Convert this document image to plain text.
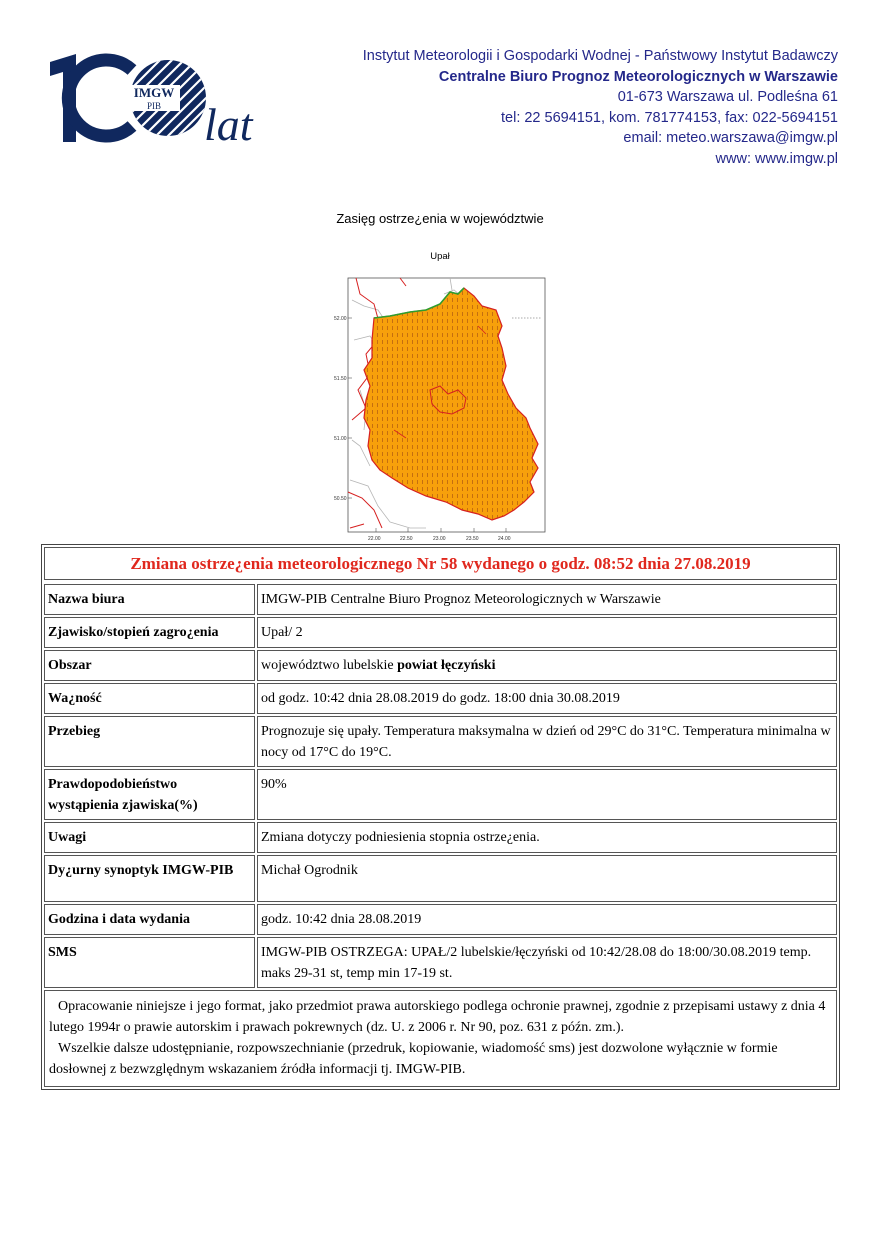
IMGW
PIB lat
Instytut Meteorologii i Gospodarki Wodnej - Państwowy Instytut Badawczy
Centralne Biuro Prognoz Meteorologicznych w Warszawie
01-673 Warszawa ul. Podleśna 61
tel: 22 5694151, kom. 781774153, fax: 022-5694151
email: meteo.warszawa@imgw.pl
www: www.imgw.pl
Zasięg ostrze¿enia w województwie
Upał
52.00
51.50
51.00
50.50
22.00	22.50	23.00	23.50	24.00
Zmiana ostrze¿enia meteorologicznego Nr 58 wydanego o godz. 08:52 dnia 27.08.2019
Nazwa biura	IMGW-PIB Centralne Biuro Prognoz Meteorologicznych w Warszawie
Zjawisko/stopień zagro¿enia	Upał/ 2
Obszar	województwo lubelskie powiat łęczyński
Wa¿ność	od godz. 10:42 dnia 28.08.2019 do godz. 18:00 dnia 30.08.2019
Przebieg	Prognozuje się upały. Temperatura maksymalna w dzień od 29°C do 31°C. Temperatura minimalna w nocy od 17°C do 19°C.
Prawdopodobieństwo wystąpienia zjawiska(%)	90%
Uwagi	Zmiana dotyczy podniesienia stopnia ostrze¿enia.
Dy¿urny synoptyk IMGW-PIB	Michał Ogrodnik
Godzina i data wydania	godz. 10:42 dnia 28.08.2019
SMS	IMGW-PIB OSTRZEGA: UPAŁ/2 lubelskie/łęczyński od 10:42/28.08 do 18:00/30.08.2019 temp. maks 29-31 st, temp min 17-19 st.

Opracowanie niniejsze i jego format, jako przedmiot prawa autorskiego podlega ochronie prawnej, zgodnie z przepisami ustawy z dnia 4 lutego 1994r o prawie autorskim i prawach pokrewnych (dz. U. z 2006 r. Nr 90, poz. 631 z późn. zm.).

Wszelkie dalsze udostępnianie, rozpowszechnianie (przedruk, kopiowanie, wiadomość sms) jest dozwolone wyłącznie w formie dosłownej z bezwzględnym wskazaniem źródła informacji tj. IMGW-PIB.
